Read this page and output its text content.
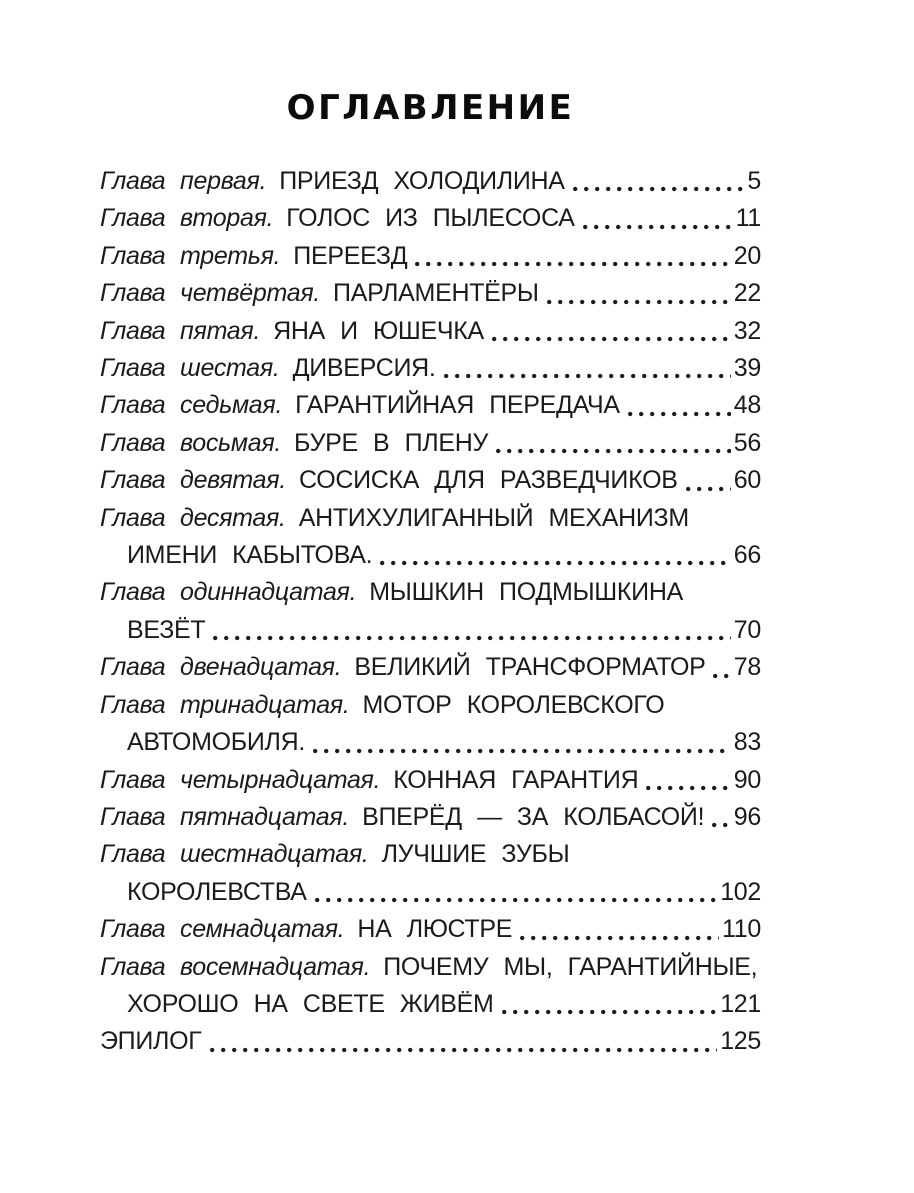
ОГЛАВЛЕНИЕ
Глава первая. ПРИЕЗД ХОЛОДИЛИНА	5
Глава вторая. ГОЛОС ИЗ ПЫЛЕСОСА	11
Глава третья. ПЕРЕЕЗД	20
Глава четвёртая. ПАРЛАМЕНТЁРЫ	22
Глава пятая. ЯНА И ЮШЕЧКА	32
Глава шестая. ДИВЕРСИЯ.	39
Глава седьмая. ГАРАНТИЙНАЯ ПЕРЕДАЧА	48
Глава восьмая. БУРЕ В ПЛЕНУ	56
Глава девятая. СОСИСКА ДЛЯ РАЗВЕДЧИКОВ 60
Глава десятая. АНТИХУЛИГАННЫЙ МЕХАНИЗМ
ИМЕНИ КАБЫТОВА.	66
Глава одиннадцатая. МЫШКИН ПОДМЫШКИНА
ВЕЗЁТ	70
Глава двенадцатая. ВЕЛИКИЙ ТРАНСФОРМАТОР 78
Глава тринадцатая. МОТОР КОРОЛЕВСКОГО
АВТОМОБИЛЯ.	83
Глава четырнадцатая. КОННАЯ ГАРАНТИЯ	90
Глава пятнадцатая. ВПЕРЁД — ЗА КОЛБАСОЙ! 96
Глава шестнадцатая. ЛУЧШИЕ ЗУБЫ
КОРОЛЕВСТВА	102
Глава семнадцатая. НА ЛЮСТРЕ	110
Глава восемнадцатая. ПОЧЕМУ МЫ, ГАРАНТИЙНЫЕ,
ХОРОШО НА СВЕТЕ ЖИВЁМ	121
ЭПИЛОГ	125
